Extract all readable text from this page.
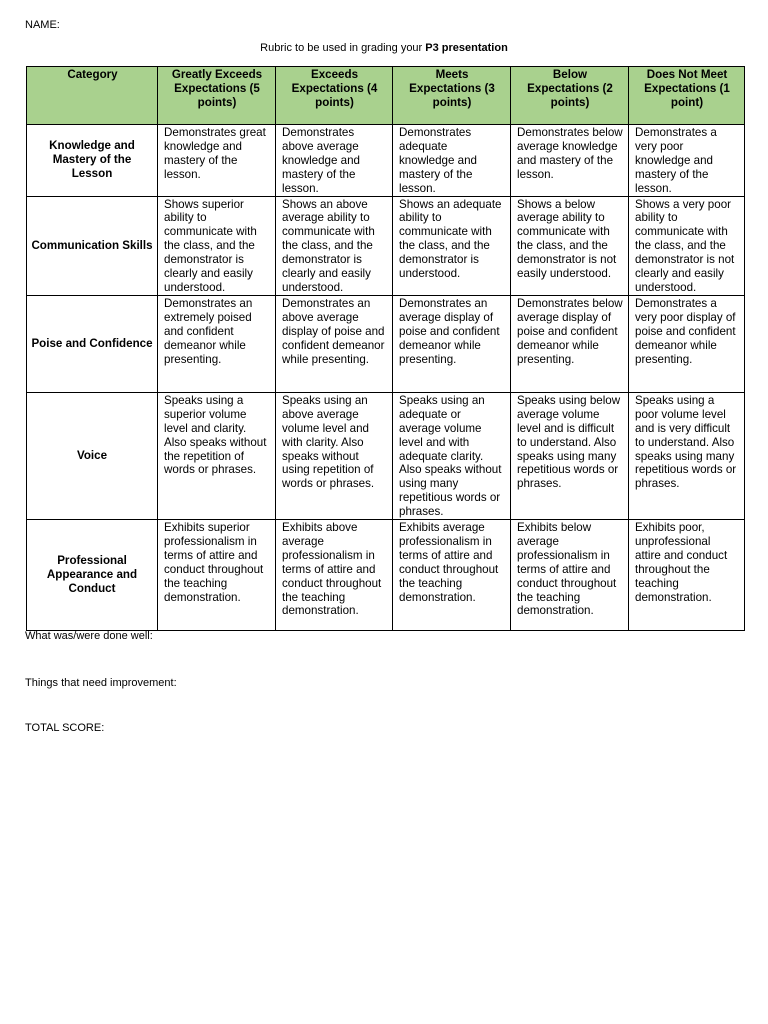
NAME:
Rubric to be used in grading your P3 presentation
Category	Greatly Exceeds Expectations (5 points)	Exceeds Expectations (4 points)	Meets Expectations (3 points)	Below Expectations (2 points)	Does Not Meet Expectations (1 point)
Knowledge and Mastery of the Lesson	Demonstrates great knowledge and mastery of the lesson.	Demonstrates above average knowledge and mastery of the lesson.	Demonstrates adequate knowledge and mastery of the lesson.	Demonstrates below average knowledge and mastery of the lesson.	Demonstrates a very poor knowledge and mastery of the lesson.
Communication Skills	Shows superior ability to communicate with the class, and the demonstrator is clearly and easily understood.	Shows an above average ability to communicate with the class, and the demonstrator is clearly and easily understood.	Shows an adequate ability to communicate with the class, and the demonstrator is understood.	Shows a below average ability to communicate with the class, and the demonstrator is not easily understood.	Shows a very poor ability to communicate with the class, and the demonstrator is not clearly and easily understood.
Poise and Confidence	Demonstrates an extremely poised and confident demeanor while presenting.	Demonstrates an above average display of poise and confident demeanor while presenting.	Demonstrates an average display of poise and confident demeanor while presenting.	Demonstrates below average display of poise and confident demeanor while presenting.	Demonstrates a very poor display of poise and confident demeanor while presenting.
Voice	Speaks using a superior volume level and clarity. Also speaks without the repetition of words or phrases.	Speaks using an above average volume level and with clarity. Also speaks without using repetition of words or phrases.	Speaks using an adequate or average volume level and with adequate clarity. Also speaks without using many repetitious words or phrases.	Speaks using below average volume level and is difficult to understand. Also speaks using many repetitious words or phrases.	Speaks using a poor volume level and is very difficult to understand. Also speaks using many repetitious words or phrases.
Professional Appearance and Conduct	Exhibits superior professionalism in terms of attire and conduct throughout the teaching demonstration.	Exhibits above average professionalism in terms of attire and conduct throughout the teaching demonstration.	Exhibits average professionalism in terms of attire and conduct throughout the teaching demonstration.	Exhibits below average professionalism in terms of attire and conduct throughout the teaching demonstration.	Exhibits poor, unprofessional attire and conduct throughout the teaching demonstration.
What was/were done well:
Things that need improvement:
TOTAL SCORE:
